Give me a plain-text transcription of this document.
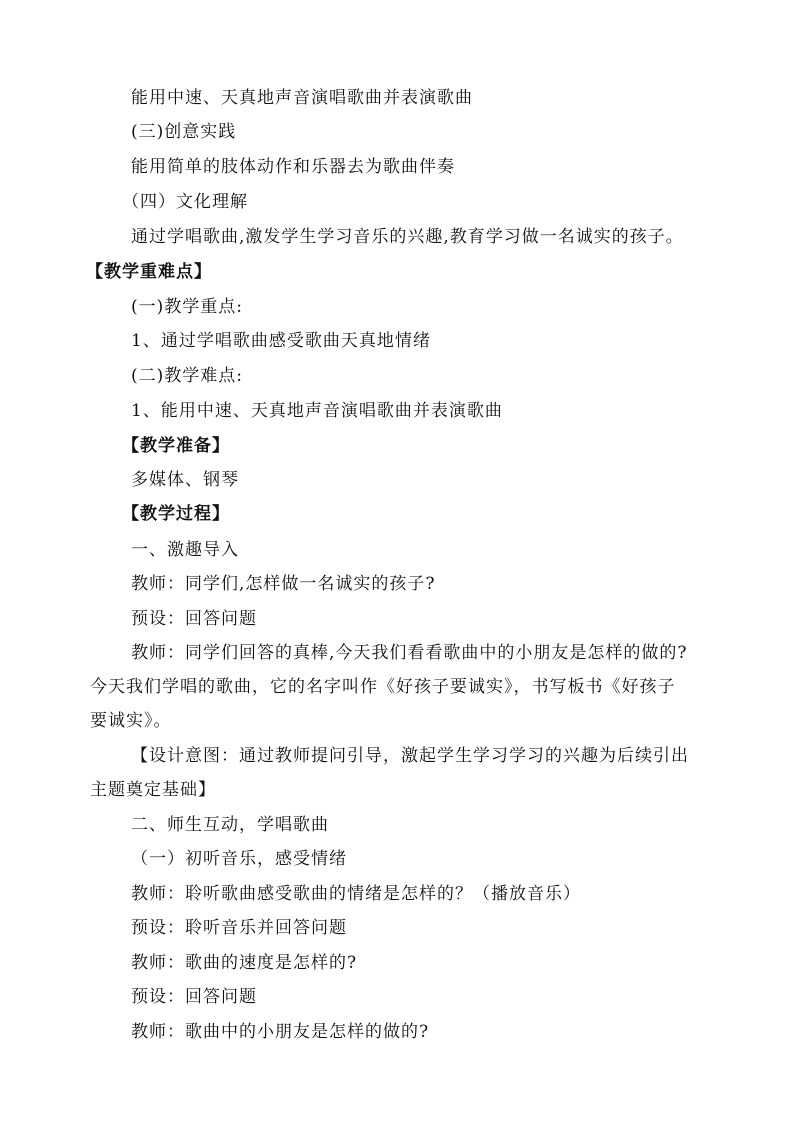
能用中速、天真地声音演唱歌曲并表演歌曲
(三)创意实践
能用简单的肢体动作和乐器去为歌曲伴奏
（四）文化理解
通过学唱歌曲,激发学生学习音乐的兴趣,教育学习做一名诚实的孩子。
【教学重难点】
(一)教学重点:
1、通过学唱歌曲感受歌曲天真地情绪
(二)教学难点:
1、能用中速、天真地声音演唱歌曲并表演歌曲
【教学准备】
多媒体、钢琴
【教学过程】
一、激趣导入
教师：同学们,怎样做一名诚实的孩子?
预设：回答问题
教师：同学们回答的真棒,今天我们看看歌曲中的小朋友是怎样的做的?
今天我们学唱的歌曲，它的名字叫作《好孩子要诚实》，书写板书《好孩子
要诚实》。
【设计意图：通过教师提问引导，激起学生学习学习的兴趣为后续引出
主题奠定基础】
二、师生互动，学唱歌曲
（一）初听音乐，感受情绪
教师：聆听歌曲感受歌曲的情绪是怎样的？（播放音乐）
预设：聆听音乐并回答问题
教师：歌曲的速度是怎样的?
预设：回答问题
教师：歌曲中的小朋友是怎样的做的?
